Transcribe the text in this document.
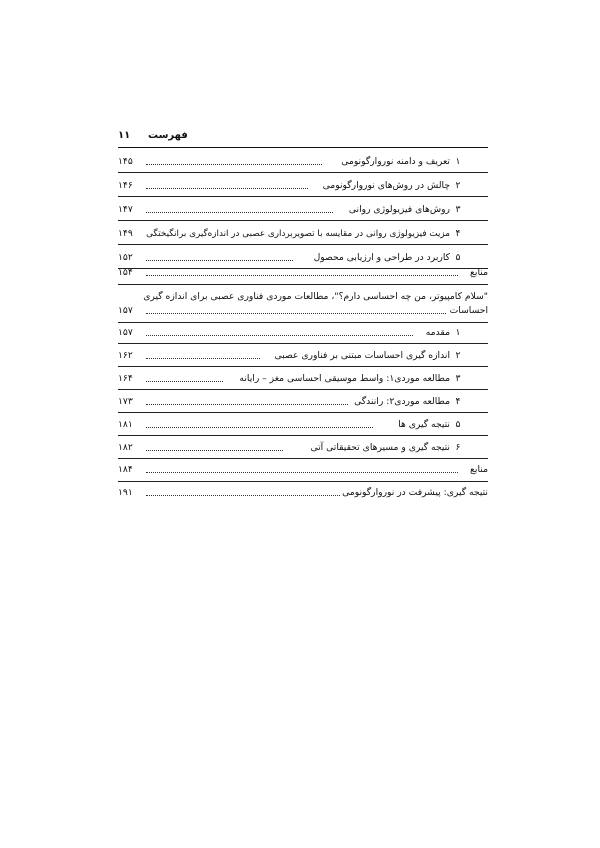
۱۱ فهرست
۱
تعریف و دامنه نوروارگونومی
۱۴۵
۲
چالش در روش‌های نوروارگونومی
۱۴۶
۳
روش‌های فیزیولوژی روانی
۱۴۷
۴
مزیت فیزیولوژی روانی در مقایسه با تصویربرداری عصبی در اندازه‌گیری برانگیختگی
۱۴۹
۵
کاربرد در طراحی و ارزیابی محصول
۱۵۲
منابع
۱۵۴
"سلام کامپیوتر، من چه احساسی دارم؟"، مطالعات موردی فناوری عصبی برای اندازه گیری
احساسات
۱۵۷
۱
مقدمه
۱۵۷
۲
اندازه گیری احساسات مبتنی بر فناوری عصبی
۱۶۲
۳
مطالعه موردی۱: واسط موسیقی احساسی مغز – رایانه
۱۶۴
۴
مطالعه موردی۲: رانندگی
۱۷۳
۵
نتیجه گیری ها
۱۸۱
۶
نتیجه گیری و مسیرهای تحقیقاتی آتی
۱۸۲
منابع
۱۸۴
نتیجه گیری: پیشرفت در نوروارگونومی
۱۹۱
